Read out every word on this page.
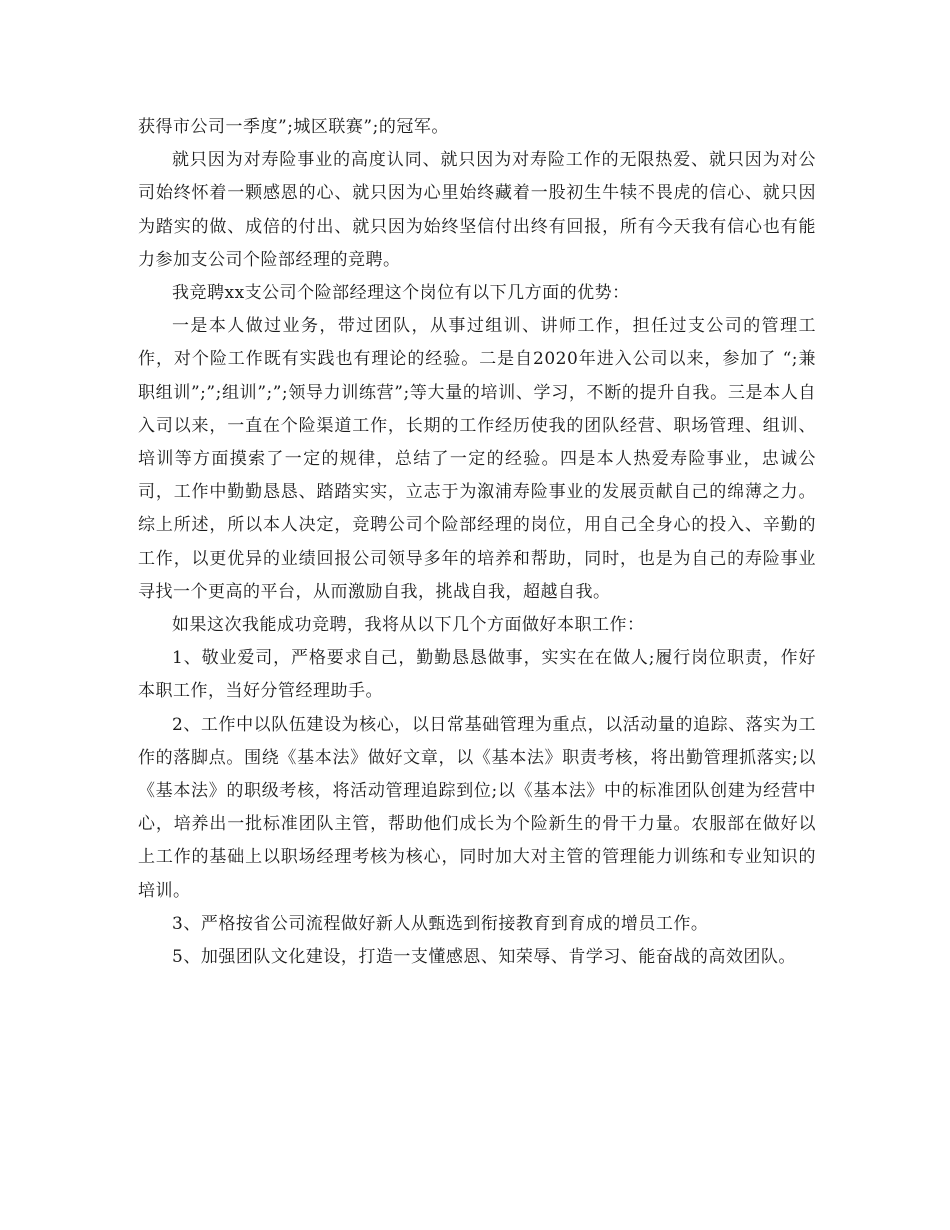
获得市公司一季度”;城区联赛”;的冠军。

就只因为对寿险事业的高度认同、就只因为对寿险工作的无限热爱、就只因为对公司始终怀着一颗感恩的心、就只因为心里始终藏着一股初生牛犊不畏虎的信心、就只因为踏实的做、成倍的付出、就只因为始终坚信付出终有回报，所有今天我有信心也有能力参加支公司个险部经理的竞聘。

我竞聘xx支公司个险部经理这个岗位有以下几方面的优势：

一是本人做过业务，带过团队，从事过组训、讲师工作，担任过支公司的管理工作，对个险工作既有实践也有理论的经验。二是自2020年进入公司以来，参加了 “;兼职组训”;”;组训”;”;领导力训练营”;等大量的培训、学习，不断的提升自我。三是本人自入司以来，一直在个险渠道工作，长期的工作经历使我的团队经营、职场管理、组训、培训等方面摸索了一定的规律，总结了一定的经验。四是本人热爱寿险事业，忠诚公司，工作中勤勤恳恳、踏踏实实，立志于为溆浦寿险事业的发展贡献自己的绵薄之力。综上所述，所以本人决定，竞聘公司个险部经理的岗位，用自己全身心的投入、辛勤的工作，以更优异的业绩回报公司领导多年的培养和帮助，同时，也是为自己的寿险事业寻找一个更高的平台，从而激励自我，挑战自我，超越自我。

如果这次我能成功竞聘，我将从以下几个方面做好本职工作：

1、敬业爱司，严格要求自己，勤勤恳恳做事，实实在在做人;履行岗位职责，作好本职工作，当好分管经理助手。

2、工作中以队伍建设为核心，以日常基础管理为重点，以活动量的追踪、落实为工作的落脚点。围绕《基本法》做好文章，以《基本法》职责考核，将出勤管理抓落实;以《基本法》的职级考核，将活动管理追踪到位;以《基本法》中的标准团队创建为经营中心，培养出一批标准团队主管，帮助他们成长为个险新生的骨干力量。农服部在做好以上工作的基础上以职场经理考核为核心，同时加大对主管的管理能力训练和专业知识的培训。

3、严格按省公司流程做好新人从甄选到衔接教育到育成的增员工作。

5、加强团队文化建设，打造一支懂感恩、知荣辱、肯学习、能奋战的高效团队。
